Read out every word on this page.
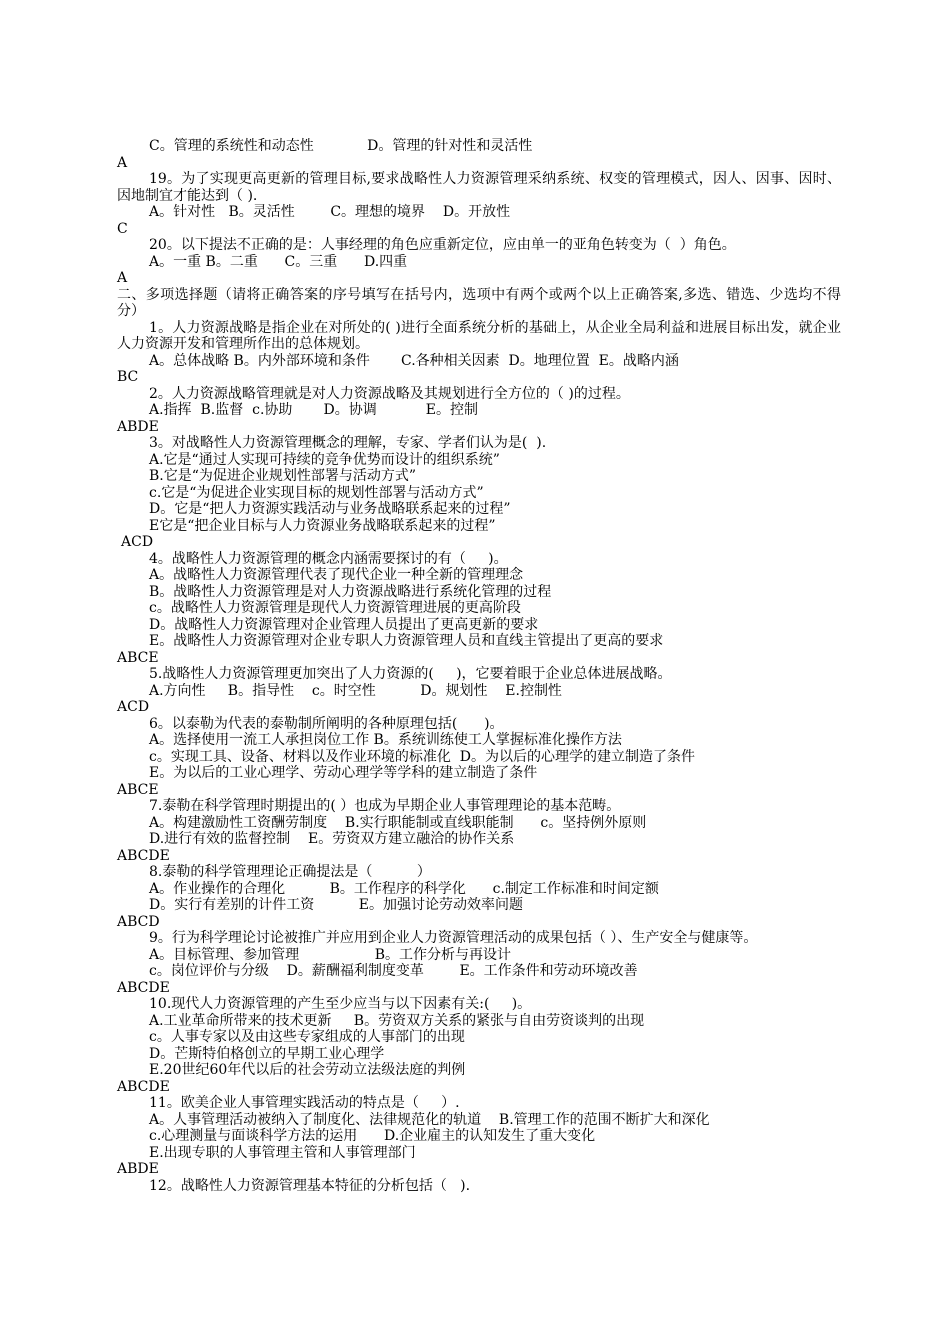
C。管理的系统性和动态性            D。管理的针对性和灵活性

A

19。为了实现更高更新的管理目标,要求战略性人力资源管理采纳系统、权变的管理模式，因人、因事、因时、因地制宜才能达到（ ).

A。针对性   B。灵活性        C。理想的境界    D。开放性

C

20。以下提法不正确的是：人事经理的角色应重新定位，应由单一的亚角色转变为（  ）角色。

A。一重 B。二重      C。三重      D.四重

A

二、多项选择题（请将正确答案的序号填写在括号内，选项中有两个或两个以上正确答案,多选、错选、少选均不得分）

1。人力资源战略是指企业在对所处的( )进行全面系统分析的基础上，从企业全局利益和进展目标出发，就企业人力资源开发和管理所作出的总体规划。

A。总体战略 B。内外部环境和条件       C.各种相关因素  D。地理位置  E。战略内涵

BC

2。人力资源战略管理就是对人力资源战略及其规划进行全方位的（ )的过程。

A.指挥  B.监督  c.协助       D。协调           E。控制

ABDE

3。对战略性人力资源管理概念的理解，专家、学者们认为是(  ).

A.它是“通过人实现可持续的竞争优势而设计的组织系统”

B.它是“为促进企业规划性部署与活动方式”

c.它是“为促进企业实现目标的规划性部署与活动方式”

D。它是“把人力资源实践活动与业务战略联系起来的过程”

E它是“把企业目标与人力资源业务战略联系起来的过程”

ACD

4。战略性人力资源管理的概念内涵需要探讨的有（     )。

A。战略性人力资源管理代表了现代企业一种全新的管理理念

B。战略性人力资源管理是对人力资源战略进行系统化管理的过程

c。战略性人力资源管理是现代人力资源管理进展的更高阶段

D。战略性人力资源管理对企业管理人员提出了更高更新的要求

E。战略性人力资源管理对企业专职人力资源管理人员和直线主管提出了更高的要求

ABCE

5.战略性人力资源管理更加突出了人力资源的(     )，它要着眼于企业总体进展战略。

A.方向性     B。指导性    c。时空性          D。规划性    E.控制性

ACD

6。以泰勒为代表的泰勒制所阐明的各种原理包括(      )。

A。选择使用一流工人承担岗位工作 B。系统训练使工人掌握标准化操作方法

c。实现工具、设备、材料以及作业环境的标准化  D。为以后的心理学的建立制造了条件

E。为以后的工业心理学、劳动心理学等学科的建立制造了条件

ABCE

7.泰勒在科学管理时期提出的( ）也成为早期企业人事管理理论的基本范畴。

A。构建激励性工资酬劳制度    B.实行职能制或直线职能制      c。坚持例外原则

D.进行有效的监督控制    E。劳资双方建立融洽的协作关系

ABCDE

8.泰勒的科学管理理论正确提法是（          ）

A。作业操作的合理化          B。工作程序的科学化      c.制定工作标准和时间定额

D。实行有差别的计件工资          E。加强讨论劳动效率问题

ABCD

9。行为科学理论讨论被推广并应用到企业人力资源管理活动的成果包括（ ）、生产安全与健康等。

A。目标管理、参加管理                 B。工作分析与再设计

c。岗位评价与分级    D。薪酬福利制度变革        E。工作条件和劳动环境改善

ABCDE

10.现代人力资源管理的产生至少应当与以下因素有关:(     )。

A.工业革命所带来的技术更新     B。劳资双方关系的紧张与自由劳资谈判的出现

c。人事专家以及由这些专家组成的人事部门的出现

D。芒斯特伯格创立的早期工业心理学

E.20世纪60年代以后的社会劳动立法级法庭的判例

ABCDE

11。欧美企业人事管理实践活动的特点是（     ）.

A。人事管理活动被纳入了制度化、法律规范化的轨道    B.管理工作的范围不断扩大和深化

c.心理测量与面谈科学方法的运用      D.企业雇主的认知发生了重大变化

E.出现专职的人事管理主管和人事管理部门

ABDE

12。战略性人力资源管理基本特征的分析包括（   ).
